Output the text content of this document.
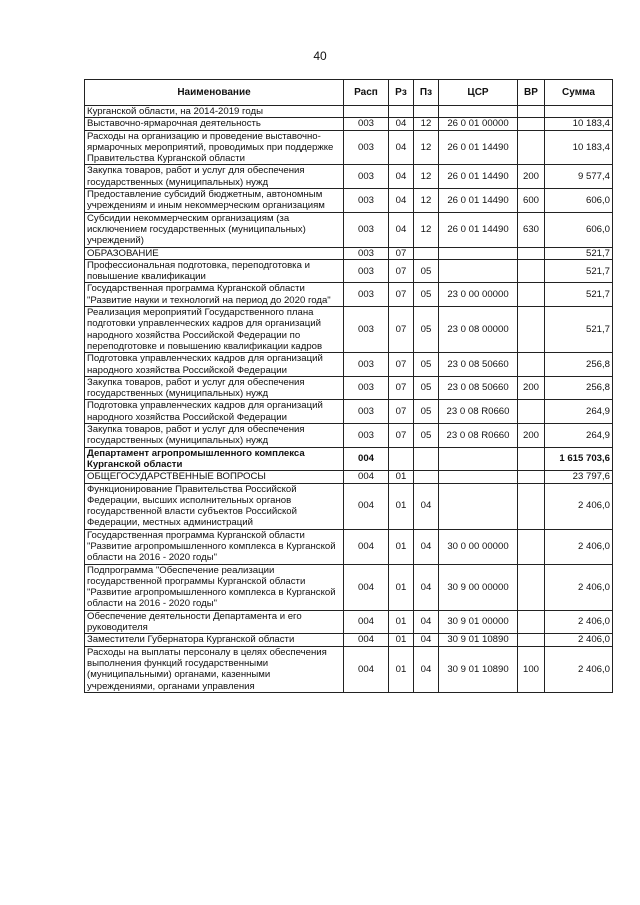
40
Наименование	Расп	Рз	Пз	ЦСР	ВР	Сумма
Курганской области, на 2014-2019 годы						
Выставочно-ярмарочная деятельность	003	04	12	26 0 01 00000		10 183,4
Расходы на организацию и проведение выставочно-ярмарочных мероприятий, проводимых при поддержке Правительства Курганской области	003	04	12	26 0 01 14490		10 183,4
Закупка товаров, работ и услуг для обеспечения государственных (муниципальных) нужд	003	04	12	26 0 01 14490	200	9 577,4
Предоставление субсидий бюджетным, автономным учреждениям и иным некоммерческим организациям	003	04	12	26 0 01 14490	600	606,0
Субсидии некоммерческим организациям (за исключением государственных (муниципальных) учреждений)	003	04	12	26 0 01 14490	630	606,0
ОБРАЗОВАНИЕ	003	07				521,7
Профессиональная подготовка, переподготовка и повышение квалификации	003	07	05			521,7
Государственная программа Курганской области "Развитие науки и технологий на период до 2020 года"	003	07	05	23 0 00 00000		521,7
Реализация мероприятий Государственного плана подготовки управленческих кадров для организаций народного хозяйства Российской Федерации по переподготовке и повышению квалификации кадров	003	07	05	23 0 08 00000		521,7
Подготовка управленческих кадров для организаций народного хозяйства Российской Федерации	003	07	05	23 0 08 50660		256,8
Закупка товаров, работ и услуг для обеспечения государственных (муниципальных) нужд	003	07	05	23 0 08 50660	200	256,8
Подготовка управленческих кадров для организаций народного хозяйства Российской Федерации	003	07	05	23 0 08 R0660		264,9
Закупка товаров, работ и услуг для обеспечения государственных (муниципальных) нужд	003	07	05	23 0 08 R0660	200	264,9
Департамент агропромышленного комплекса Курганской области	004					1 615 703,6
ОБЩЕГОСУДАРСТВЕННЫЕ ВОПРОСЫ	004	01				23 797,6
Функционирование Правительства Российской Федерации, высших исполнительных органов государственной власти субъектов Российской Федерации, местных администраций	004	01	04			2 406,0
Государственная программа Курганской области "Развитие агропромышленного комплекса в Курганской области на 2016 - 2020 годы"	004	01	04	30 0 00 00000		2 406,0
Подпрограмма "Обеспечение реализации государственной программы Курганской области "Развитие агропромышленного комплекса в Курганской области на 2016 - 2020 годы"	004	01	04	30 9 00 00000		2 406,0
Обеспечение деятельности Департамента и его руководителя	004	01	04	30 9 01 00000		2 406,0
Заместители Губернатора Курганской области	004	01	04	30 9 01 10890		2 406,0
Расходы на выплаты персоналу в целях обеспечения выполнения функций государственными (муниципальными) органами, казенными учреждениями, органами управления	004	01	04	30 9 01 10890	100	2 406,0
